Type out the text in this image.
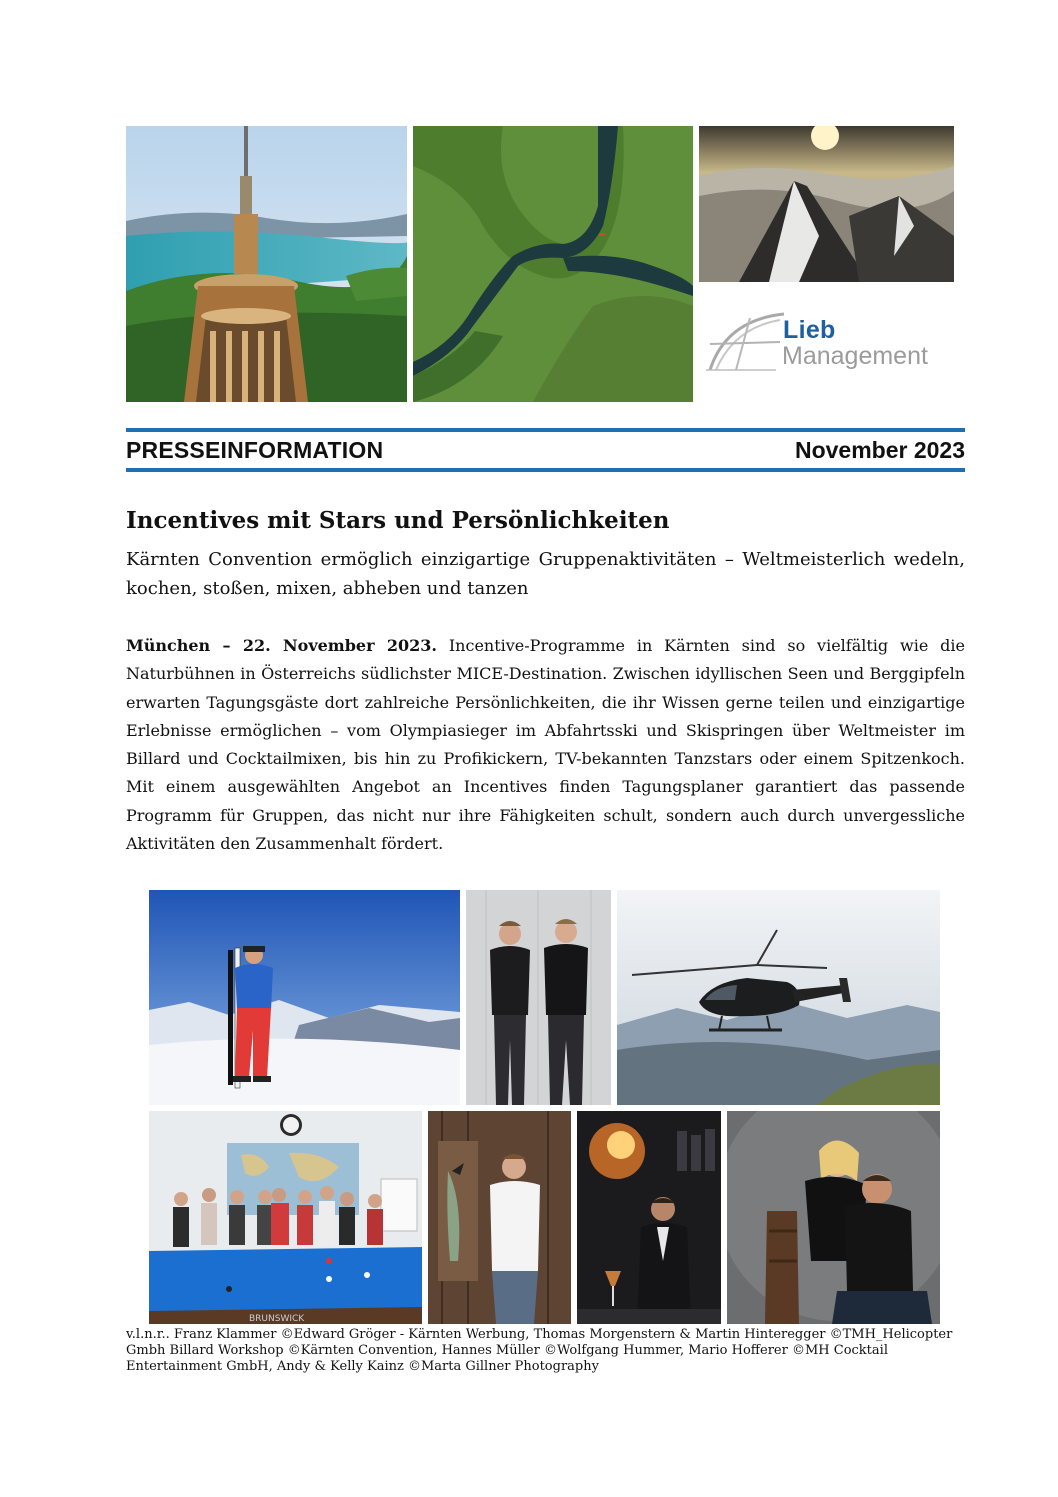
Lieb
Management
PRESSEINFORMATION	November 2023
Incentives mit Stars und Persönlichkeiten
Kärnten Convention ermöglich einzigartige Gruppenaktivitäten – Weltmeisterlich wedeln, kochen, stoßen, mixen, abheben und tanzen
München – 22. November 2023. Incentive-Programme in Kärnten sind so vielfältig wie die Naturbühnen in Österreichs südlichster MICE-Destination. Zwischen idyllischen Seen und Berggipfeln erwarten Tagungsgäste dort zahlreiche Persönlichkeiten, die ihr Wissen gerne teilen und einzigartige Erlebnisse ermöglichen – vom Olympiasieger im Abfahrtsski und Skispringen über Weltmeister im Billard und Cocktailmixen, bis hin zu Profikickern, TV-bekannten Tanzstars oder einem Spitzenkoch. Mit einem ausgewählten Angebot an Incentives finden Tagungsplaner garantiert das passende Programm für Gruppen, das nicht nur ihre Fähigkeiten schult, sondern auch durch unvergessliche Aktivitäten den Zusammenhalt fördert.
BRUNSWICK
v.l.n.r.. Franz Klammer ©Edward Gröger - Kärnten Werbung, Thomas Morgenstern & Martin Hinteregger ©TMH_Helicopter Gmbh Billard Workshop ©Kärnten Convention, Hannes Müller ©Wolfgang Hummer, Mario Hofferer ©MH Cocktail Entertainment GmbH, Andy & Kelly Kainz ©Marta Gillner Photography
